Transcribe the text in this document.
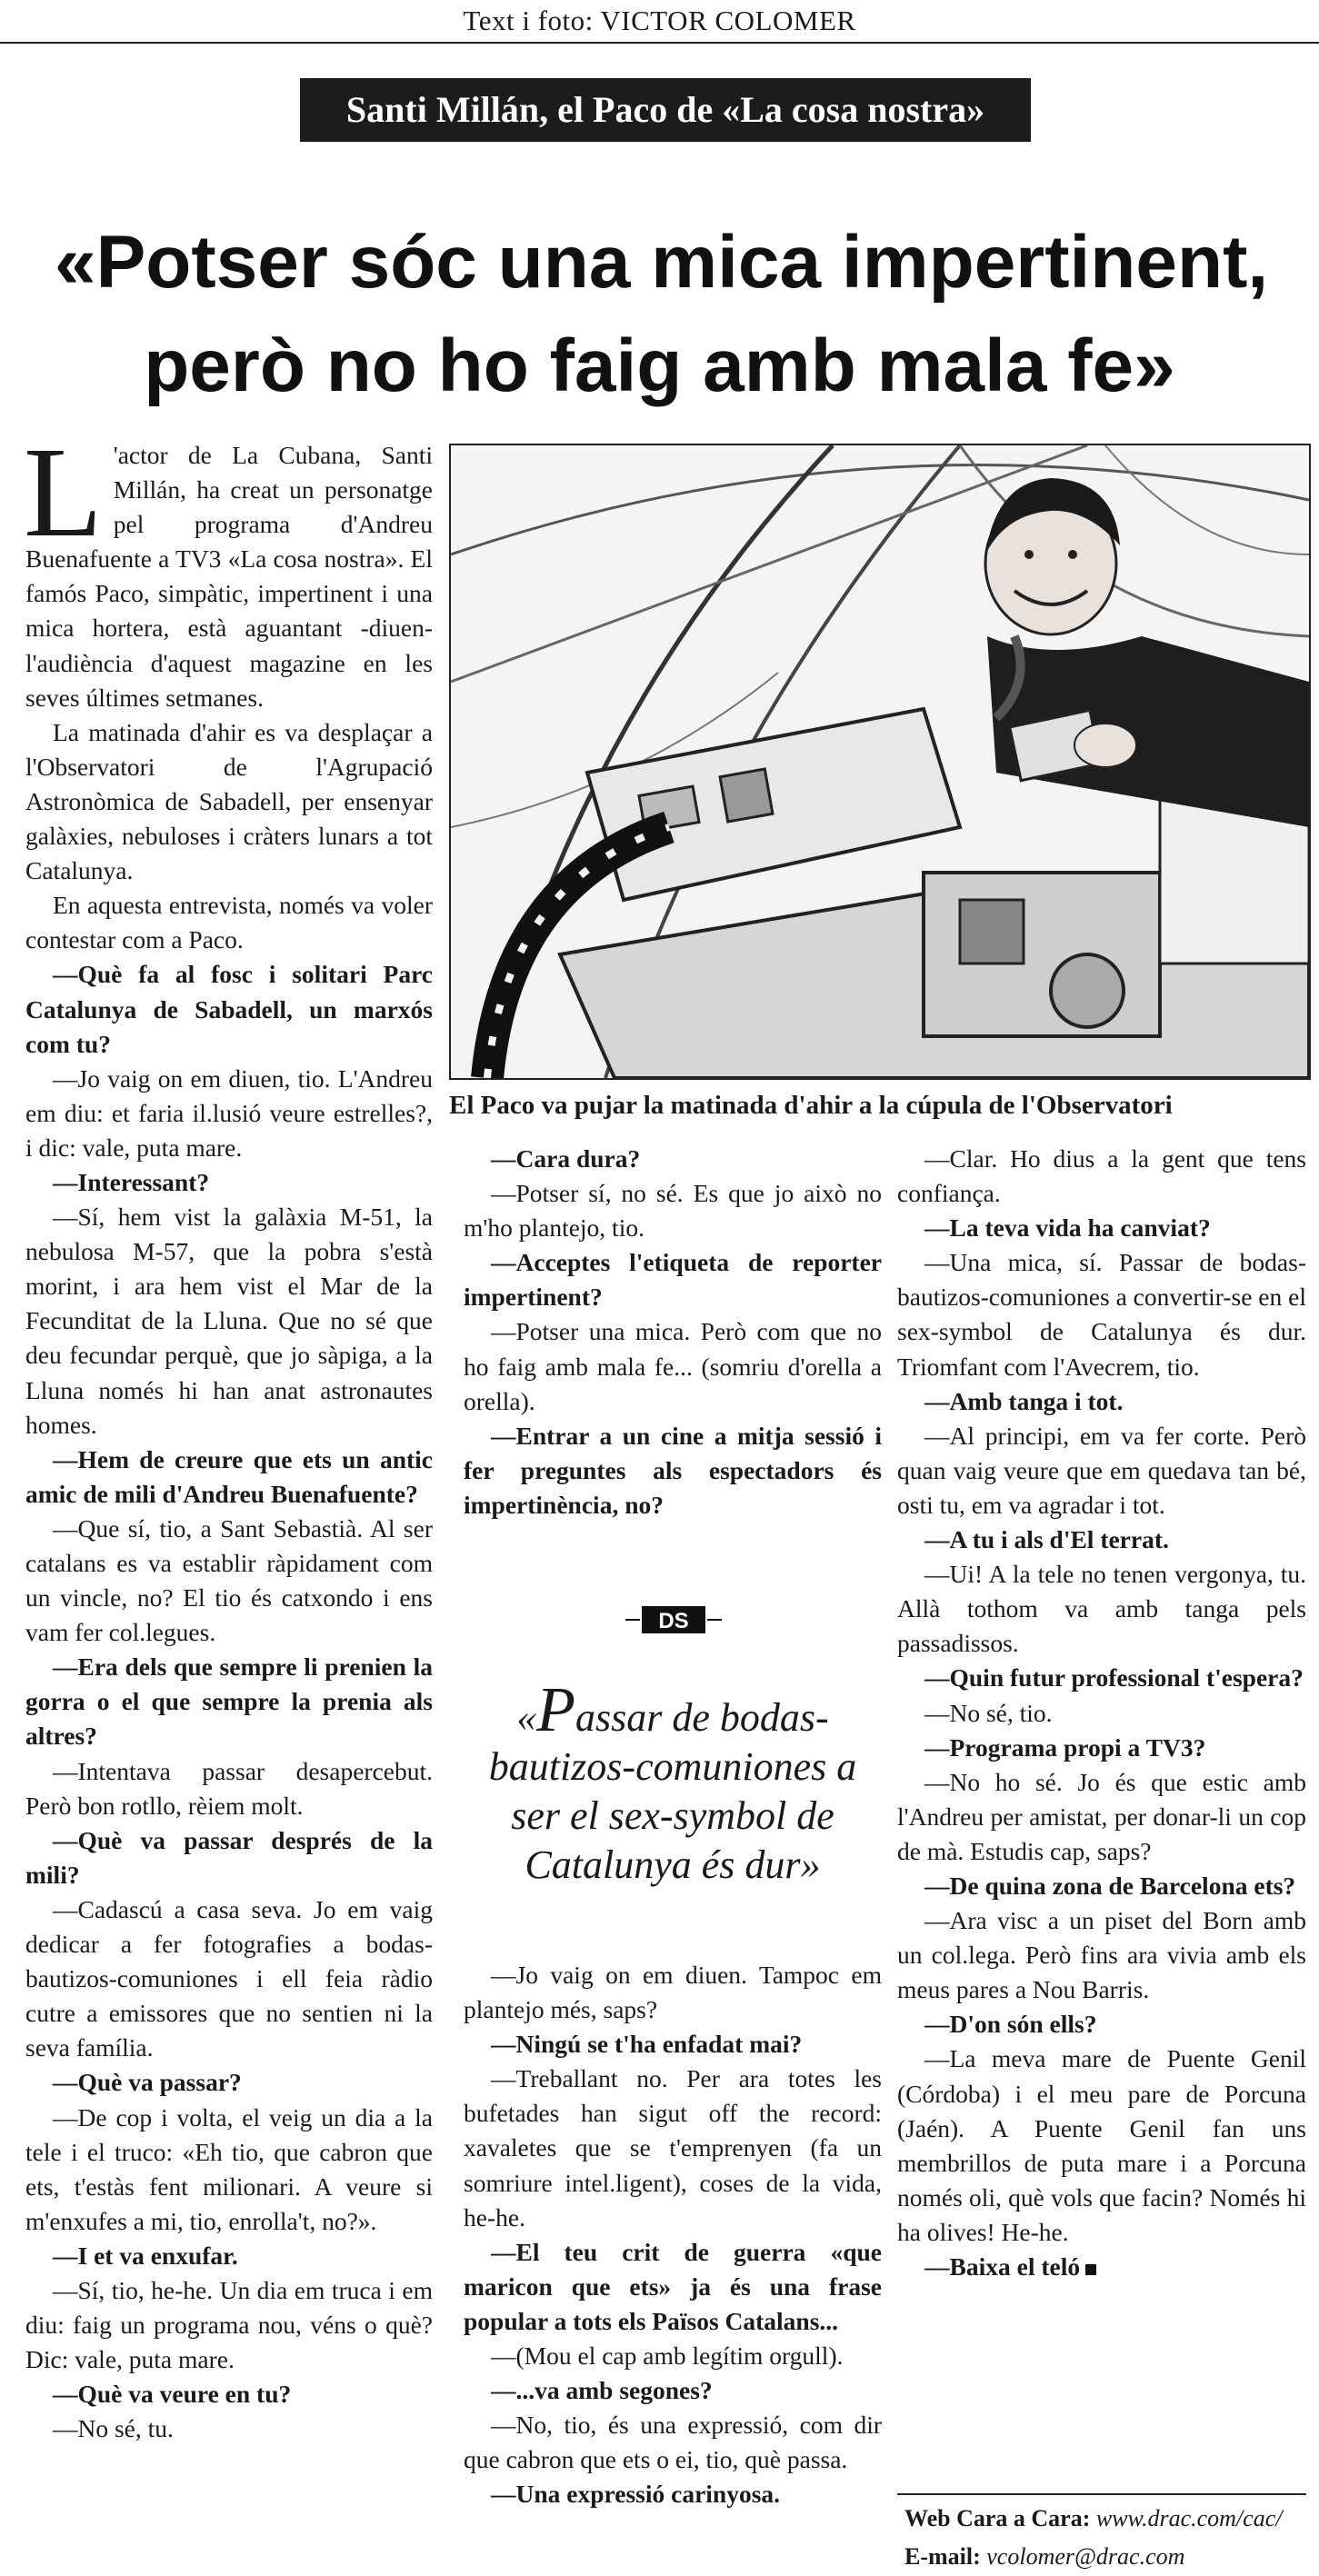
Text i foto: VICTOR COLOMER
Santi Millán, el Paco de «La cosa nostra»
«Potser sóc una mica impertinent,
però no ho faig amb mala fe»
L 'actor de La Cubana, Santi Millán, ha creat un personatge pel programa d'Andreu Buenafuente a TV3 «La cosa nostra». El famós Paco, simpàtic, impertinent i una mica hortera, està aguantant -diuen- l'audiència d'aquest magazine en les seves últimes setmanes.

La matinada d'ahir es va desplaçar a l'Observatori de l'Agrupació Astronòmica de Sabadell, per ensenyar galàxies, nebuloses i cràters lunars a tot Catalunya.

En aquesta entrevista, només va voler contestar com a Paco.

—Què fa al fosc i solitari Parc Catalunya de Sabadell, un marxós com tu?

—Jo vaig on em diuen, tio. L'Andreu em diu: et faria il.lusió veure estrelles?, i dic: vale, puta mare.

—Interessant?

—Sí, hem vist la galàxia M-51, la nebulosa M-57, que la pobra s'està morint, i ara hem vist el Mar de la Fecunditat de la Lluna. Que no sé que deu fecundar perquè, que jo sàpiga, a la Lluna només hi han anat astronautes homes.

—Hem de creure que ets un antic amic de mili d'Andreu Buenafuente?

—Que sí, tio, a Sant Sebastià. Al ser catalans es va establir ràpidament com un vincle, no? El tio és catxondo i ens vam fer col.legues.

—Era dels que sempre li prenien la gorra o el que sempre la prenia als altres?

—Intentava passar desapercebut. Però bon rotllo, rèiem molt.

—Què va passar després de la mili?

—Cadascú a casa seva. Jo em vaig dedicar a fer fotografies a bodas-bautizos-comuniones i ell feia ràdio cutre a emissores que no sentien ni la seva família.

—Què va passar?

—De cop i volta, el veig un dia a la tele i el truco: «Eh tio, que cabron que ets, t'estàs fent milionari. A veure si m'enxufes a mi, tio, enrolla't, no?».

—I et va enxufar.

—Sí, tio, he-he. Un dia em truca i em diu: faig un programa nou, véns o què? Dic: vale, puta mare.

—Què va veure en tu?

—No sé, tu.

El Paco va pujar la matinada d'ahir a la cúpula de l'Observatori

—Cara dura?

—Potser sí, no sé. Es que jo això no m'ho plantejo, tio.

—Acceptes l'etiqueta de reporter impertinent?

—Potser una mica. Però com que no ho faig amb mala fe... (somriu d'orella a orella).

—Entrar a un cine a mitja sessió i fer preguntes als espectadors és impertinència, no?

DS
«Passar de bodas-bautizos-comuniones a ser el sex-symbol de Catalunya és dur»

—Jo vaig on em diuen. Tampoc em plantejo més, saps?

—Ningú se t'ha enfadat mai?

—Treballant no. Per ara totes les bufetades han sigut off the record: xavaletes que se t'emprenyen (fa un somriure intel.ligent), coses de la vida, he-he.

—El teu crit de guerra «que maricon que ets» ja és una frase popular a tots els Països Catalans...

—(Mou el cap amb legítim orgull).

—...va amb segones?

—No, tio, és una expressió, com dir que cabron que ets o ei, tio, què passa.

—Una expressió carinyosa.

—Clar. Ho dius a la gent que tens confiança.

—La teva vida ha canviat?

—Una mica, sí. Passar de bodas-bautizos-comuniones a convertir-se en el sex-symbol de Catalunya és dur. Triomfant com l'Avecrem, tio.

—Amb tanga i tot.

—Al principi, em va fer corte. Però quan vaig veure que em quedava tan bé, osti tu, em va agradar i tot.

—A tu i als d'El terrat.

—Ui! A la tele no tenen vergonya, tu. Allà tothom va amb tanga pels passadissos.

—Quin futur professional t'espera?

—No sé, tio.

—Programa propi a TV3?

—No ho sé. Jo és que estic amb l'Andreu per amistat, per donar-li un cop de mà. Estudis cap, saps?

—De quina zona de Barcelona ets?

—Ara visc a un piset del Born amb un col.lega. Però fins ara vivia amb els meus pares a Nou Barris.

—D'on són ells?

—La meva mare de Puente Genil (Córdoba) i el meu pare de Porcuna (Jaén). A Puente Genil fan uns membrillos de puta mare i a Porcuna només oli, què vols que facin? Només hi ha olives! He-he.

—Baixa el teló

Web Cara a Cara: www.drac.com/cac/
E-mail: vcolomer@drac.com
